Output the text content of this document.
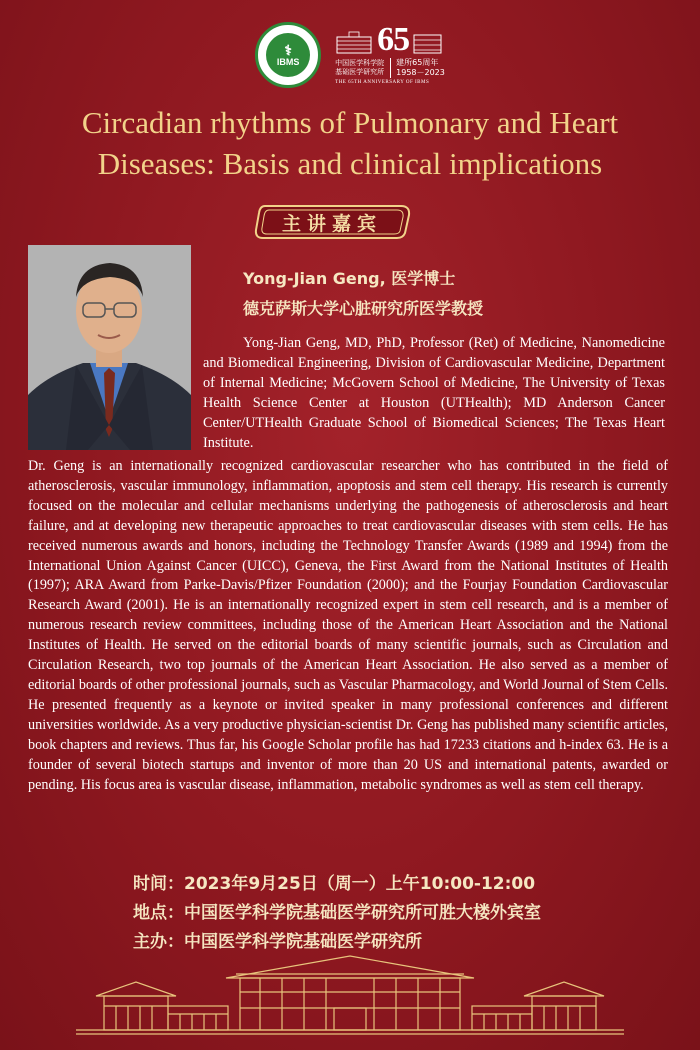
⚕
IBMS
65
中国医学科学院
基础医学研究所
建所65周年
1958－2023
THE 65TH ANNIVERSARY OF IBMS
Circadian rhythms of Pulmonary and Heart
Diseases: Basis and clinical implications
主讲嘉宾
Yong-Jian Geng, 医学博士
德克萨斯大学心脏研究所医学教授
Yong-Jian Geng, MD, PhD, Professor (Ret) of Medicine, Nanomedicine and Biomedical Engineering, Division of Cardiovascular Medicine, Department of Internal Medicine; McGovern School of Medicine, The University of Texas Health Science Center at Houston (UTHealth); MD Anderson Cancer Center/UTHealth Graduate School of Biomedical Sciences; The Texas Heart Institute.
Dr. Geng is an internationally recognized cardiovascular researcher who has contributed in the field of atherosclerosis, vascular immunology, inflammation, apoptosis and stem cell therapy. His research is currently focused on the molecular and cellular mechanisms underlying the pathogenesis of atherosclerosis and heart failure, and at developing new therapeutic approaches to treat cardiovascular diseases with stem cells. He has received numerous awards and honors, including the Technology Transfer Awards (1989 and 1994) from the International Union Against Cancer (UICC), Geneva, the First Award from the National Institutes of Health (1997); ARA Award from Parke-Davis/Pfizer Foundation (2000); and the Fourjay Foundation Cardiovascular Research Award (2001). He is an internationally recognized expert in stem cell research, and is a member of numerous research review committees, including those of the American Heart Association and the National Institutes of Health. He served on the editorial boards of many scientific journals, such as Circulation and Circulation Research, two top journals of the American Heart Association. He also served as a member of editorial boards of other professional journals, such as Vascular Pharmacology, and World Journal of Stem Cells. He presented frequently as a keynote or invited speaker in many professional conferences and different universities worldwide. As a very productive physician-scientist Dr. Geng has published many scientific articles, book chapters and reviews. Thus far, his Google Scholar profile has had 17233 citations and h-index 63. He is a founder of several biotech startups and inventor of more than 20 US and international patents, awarded or pending. His focus area is vascular disease, inflammation, metabolic syndromes as well as stem cell therapy.
时间：2023年9月25日（周一）上午10:00-12:00
地点：中国医学科学院基础医学研究所可胜大楼外宾室
主办：中国医学科学院基础医学研究所
